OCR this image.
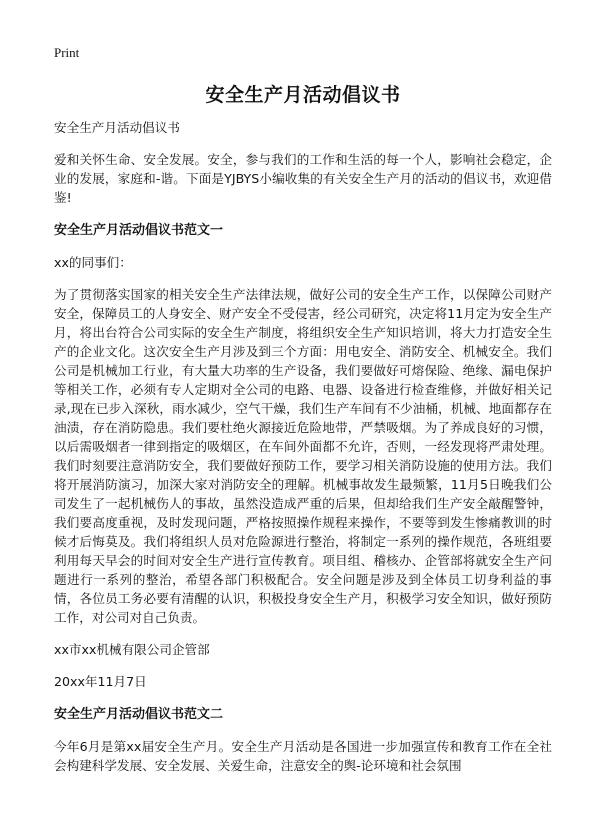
Print
安全生产月活动倡议书

安全生产月活动倡议书

爱和关怀生命、安全发展。安全，参与我们的工作和生活的每一个人，影响社会稳定，企业的发展，家庭和-谐。下面是YJBYS小编收集的有关安全生产月的活动的倡议书，欢迎借鉴!

安全生产月活动倡议书范文一

xx的同事们：

为了贯彻落实国家的相关安全生产法律法规，做好公司的安全生产工作，以保障公司财产安全，保障员工的人身安全、财产安全不受侵害，经公司研究，决定将11月定为安全生产月，将出台符合公司实际的安全生产制度，将组织安全生产知识培训，将大力打造安全生产的企业文化。这次安全生产月涉及到三个方面：用电安全、消防安全、机械安全。我们公司是机械加工行业，有大量大功率的生产设备，我们要做好可熔保险、绝缘、漏电保护等相关工作，必须有专人定期对全公司的电路、电器、设备进行检查维修，并做好相关记录,现在已步入深秋，雨水减少，空气干燥，我们生产车间有不少油桶，机械、地面都存在油渍，存在消防隐患。我们要杜绝火源接近危险地带，严禁吸烟。为了养成良好的习惯，以后需吸烟者一律到指定的吸烟区，在车间外面都不允许，否则，一经发现将严肃处理。我们时刻要注意消防安全，我们要做好预防工作，要学习相关消防设施的使用方法。我们将开展消防演习，加深大家对消防安全的理解。机械事故发生最频繁，11月5日晚我们公司发生了一起机械伤人的事故，虽然没造成严重的后果，但却给我们生产安全敲醒警钟，我们要高度重视，及时发现问题，严格按照操作规程来操作，不要等到发生惨痛教训的时候才后悔莫及。我们将组织人员对危险源进行整治，将制定一系列的操作规范，各班组要利用每天早会的时间对安全生产进行宣传教育。项目组、稽核办、企管部将就安全生产问题进行一系列的整治，希望各部门积极配合。安全问题是涉及到全体员工切身利益的事情，各位员工务必要有清醒的认识，积极投身安全生产月，积极学习安全知识，做好预防工作，对公司对自己负责。

xx市xx机械有限公司企管部

20xx年11月7日

安全生产月活动倡议书范文二

今年6月是第xx届安全生产月。安全生产月活动是各国进一步加强宣传和教育工作在全社会构建科学发展、安全发展、关爱生命，注意安全的舆-论环境和社会氛围
